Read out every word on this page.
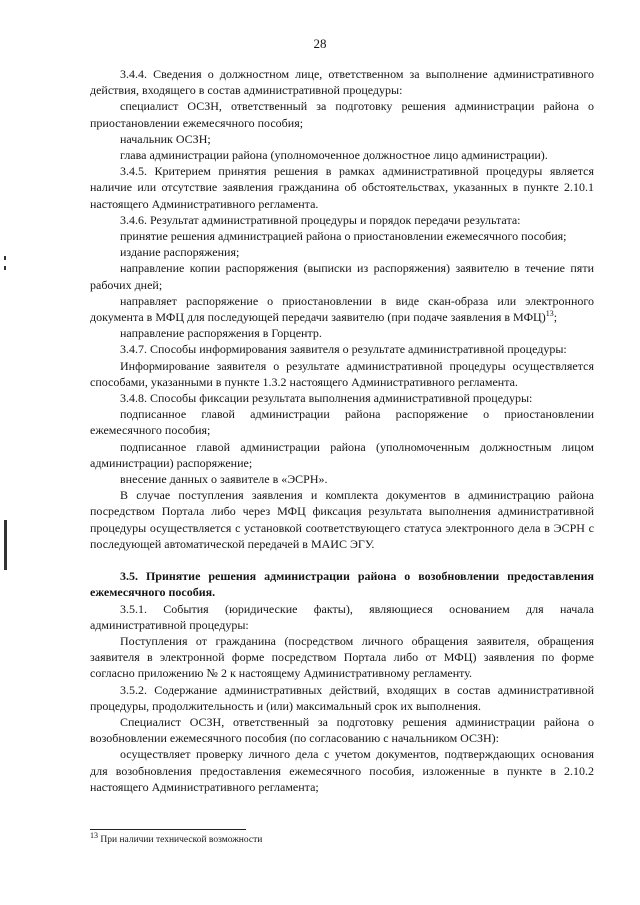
28

3.4.4. Сведения о должностном лице, ответственном за выполнение административного действия, входящего в состав административной процедуры:

специалист ОСЗН, ответственный за подготовку решения администрации района о приостановлении ежемесячного пособия;

начальник ОСЗН;

глава администрации района (уполномоченное должностное лицо администрации).

3.4.5. Критерием принятия решения в рамках административной процедуры является наличие или отсутствие заявления гражданина об обстоятельствах, указанных в пункте 2.10.1 настоящего Административного регламента.

3.4.6. Результат административной процедуры и порядок передачи результата:

принятие решения администрацией района о приостановлении ежемесячного пособия;

издание распоряжения;

направление копии распоряжения (выписки из распоряжения) заявителю в течение пяти рабочих дней;

направляет распоряжение о приостановлении в виде скан-образа или электронного документа в МФЦ для последующей передачи заявителю (при подаче заявления в МФЦ)$^{13}$;

направление распоряжения в Горцентр.

3.4.7. Способы информирования заявителя о результате административной процедуры:

Информирование заявителя о результате административной процедуры осуществляется способами, указанными в пункте 1.3.2 настоящего Административного регламента.

3.4.8. Способы фиксации результата выполнения административной процедуры:

подписанное главой администрации района распоряжение о приостановлении ежемесячного пособия;

подписанное главой администрации района (уполномоченным должностным лицом администрации) распоряжение;

внесение данных о заявителе в «ЭСРН».

В случае поступления заявления и комплекта документов в администрацию района посредством Портала либо через МФЦ фиксация результата выполнения административной процедуры осуществляется с установкой соответствующего статуса электронного дела в ЭСРН с последующей автоматической передачей в МАИС ЭГУ.

3.5. Принятие решения администрации района о возобновлении предоставления ежемесячного пособия.

3.5.1. События (юридические факты), являющиеся основанием для начала административной процедуры:

Поступления от гражданина (посредством личного обращения заявителя, обращения заявителя в электронной форме посредством Портала либо от МФЦ) заявления по форме согласно приложению № 2 к настоящему Административному регламенту.

3.5.2. Содержание административных действий, входящих в состав административной процедуры, продолжительность и (или) максимальный срок их выполнения.

Специалист ОСЗН, ответственный за подготовку решения администрации района о возобновлении ежемесячного пособия (по согласованию с начальником ОСЗН):

осуществляет проверку личного дела с учетом документов, подтверждающих основания для возобновления предоставления ежемесячного пособия, изложенные в пункте в 2.10.2 настоящего Административного регламента;

$^{13}$ При наличии технической возможности
